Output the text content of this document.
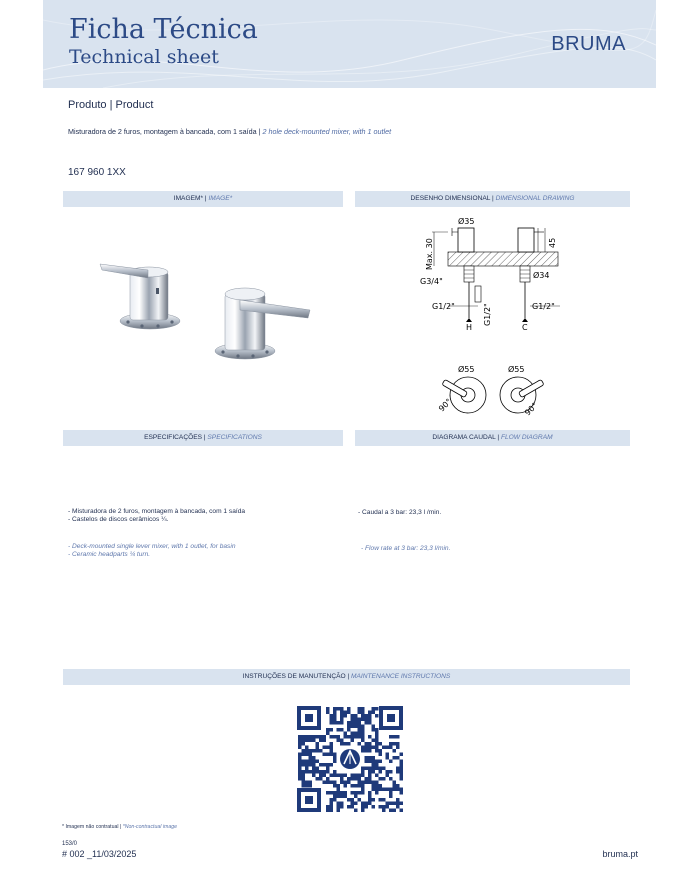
Ficha Técnica
Technical sheet
BRUMA
Produto | Product
Misturadora de 2 furos, montagem à bancada, com 1 saída | 2 hole deck-mounted mixer, with 1 outlet
167 960 1XX
IMAGEM* | IMAGE*	DESENHO DIMENSIONAL | DIMENSIONAL DRAWING
Ø35
Max. 30	45
G3/4"
Ø34
G1/2"	G1/2"	G1/2"
H	C
Ø55	Ø55
90°	90°
ESPECIFICAÇÕES | SPECIFICATIONS	DIAGRAMA CAUDAL | FLOW DIAGRAM
- Misturadora de 2 furos, montagem à bancada, com 1 saída
- Castelos de discos cerâmicos ¼.
- Deck-mounted single lever mixer, with 1 outlet, for basin
- Ceramic headparts ¼ turn.
- Caudal a 3 bar: 23,3 l /min.
- Flow rate at 3 bar: 23,3 l/min.
INSTRUÇÕES DE MANUTENÇÃO | MAINTENANCE INSTRUCTIONS
* Imagem não contratual | *Non-contractual image
153/0
# 002 _11/03/2025	bruma.pt
